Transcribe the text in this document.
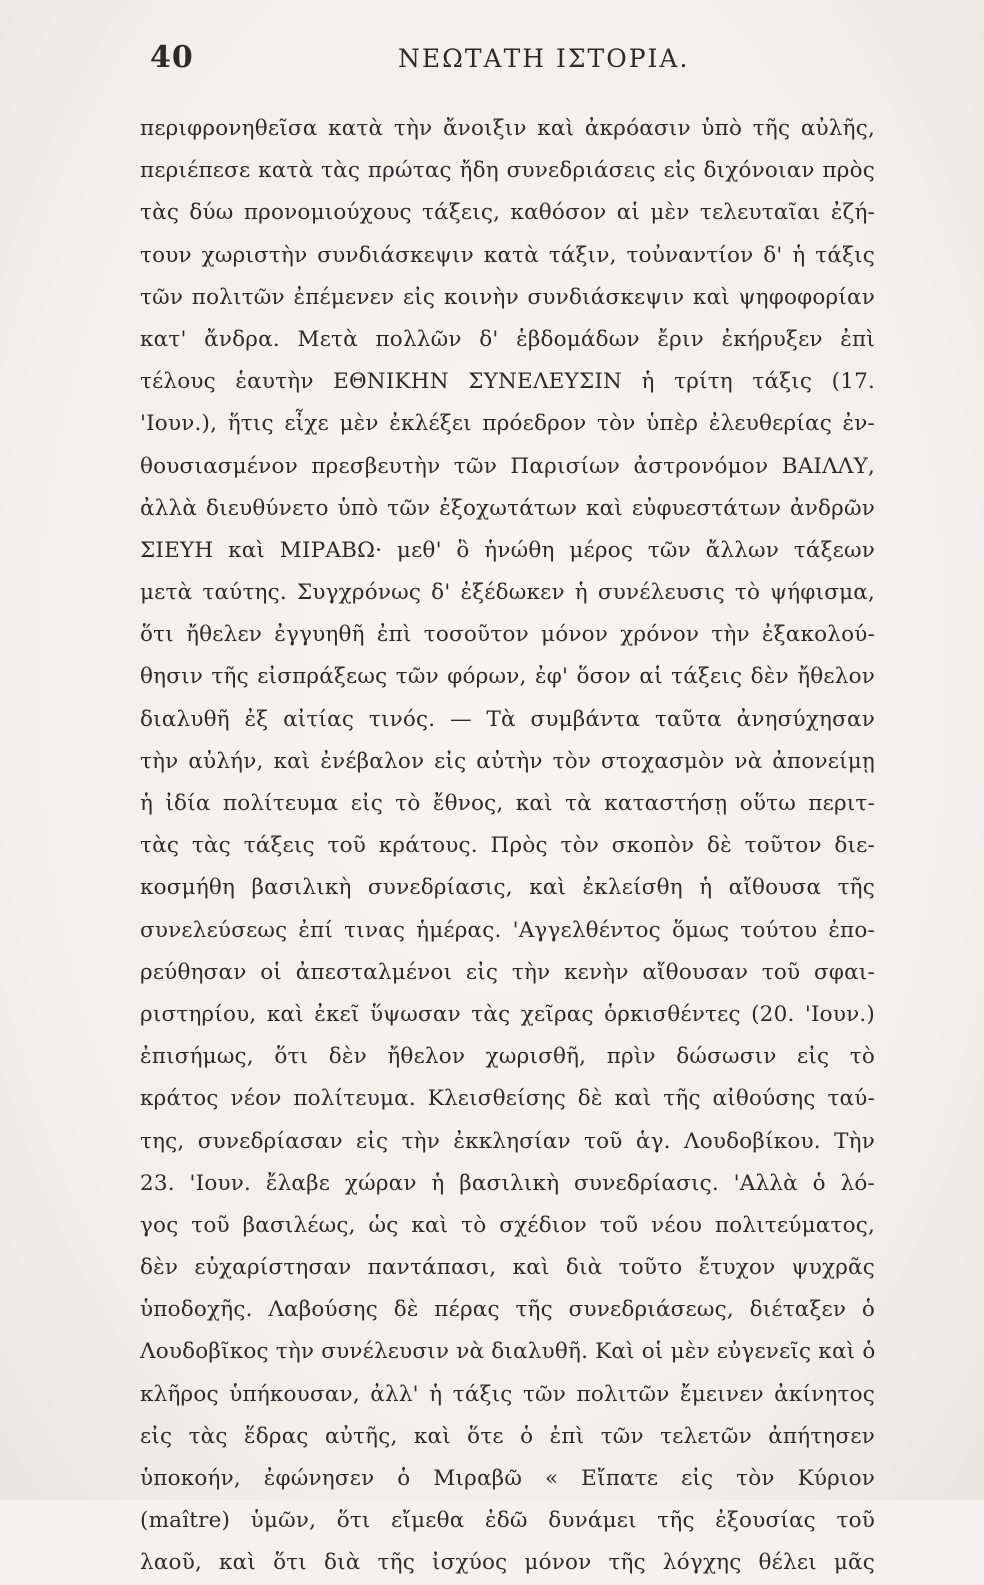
40	ΝΕΩΤΑΤΗ ΙΣΤΟΡΙΑ.
περιφρονηθεῖσα κατὰ τὴν ἄνοιξιν καὶ ἀκρόασιν ὑπὸ τῆς αὐλῆς,
περιέπεσε κατὰ τὰς πρώτας ἤδη συνεδριάσεις εἰς διχόνοιαν πρὸς
τὰς δύω προνομιούχους τάξεις, καθόσον αἱ μὲν τελευταῖαι ἐζή-
τουν χωριστὴν συνδιάσκεψιν κατὰ τάξιν, τοὐναντίον δ' ἡ τάξις
τῶν πολιτῶν ἐπέμενεν εἰς κοινὴν συνδιάσκεψιν καὶ ψηφοφορίαν
κατ' ἄνδρα. Μετὰ πολλῶν δ' ἑβδομάδων ἔριν ἐκήρυξεν ἐπὶ
τέλους ἑαυτὴν ΕΘΝΙΚΗΝ ΣΥΝΕΛΕΥΣΙΝ ἡ τρίτη τάξις (17.
'Ιουν.), ἥτις εἶχε μὲν ἐκλέξει πρόεδρον τὸν ὑπὲρ ἐλευθερίας ἐν-
θουσιασμένον πρεσβευτὴν τῶν Παρισίων ἀστρονόμον ΒΑΙΛΛΥ,
ἀλλὰ διευθύνετο ὑπὸ τῶν ἐξοχωτάτων καὶ εὐφυεστάτων ἀνδρῶν
ΣΙΕΥΗ καὶ ΜΙΡΑΒΩ· μεθ' ὃ ἡνώθη μέρος τῶν ἄλλων τάξεων
μετὰ ταύτης. Συγχρόνως δ' ἐξέδωκεν ἡ συνέλευσις τὸ ψήφισμα,
ὅτι ἤθελεν ἐγγυηθῆ ἐπὶ τοσοῦτον μόνον χρόνον τὴν ἐξακολού-
θησιν τῆς εἰσπράξεως τῶν φόρων, ἐφ' ὅσον αἱ τάξεις δὲν ἤθελον
διαλυθῆ ἐξ αἰτίας τινός. — Τὰ συμβάντα ταῦτα ἀνησύχησαν
τὴν αὐλήν, καὶ ἐνέβαλον εἰς αὐτὴν τὸν στοχασμὸν νὰ ἀπονείμῃ
ἡ ἰδία πολίτευμα εἰς τὸ ἔθνος, καὶ τὰ καταστήσῃ οὕτω περιτ-
τὰς τὰς τάξεις τοῦ κράτους. Πρὸς τὸν σκοπὸν δὲ τοῦτον διε-
κοσμήθη βασιλικὴ συνεδρίασις, καὶ ἐκλείσθη ἡ αἴθουσα τῆς
συνελεύσεως ἐπί τινας ἡμέρας. 'Αγγελθέντος ὅμως τούτου ἐπο-
ρεύθησαν οἱ ἀπεσταλμένοι εἰς τὴν κενὴν αἴθουσαν τοῦ σφαι-
ριστηρίου, καὶ ἐκεῖ ὕψωσαν τὰς χεῖρας ὁρκισθέντες (20. 'Ιουν.)
ἐπισήμως, ὅτι δὲν ἤθελον χωρισθῆ, πρὶν δώσωσιν εἰς τὸ
κράτος νέον πολίτευμα. Κλεισθείσης δὲ καὶ τῆς αἰθούσης ταύ-
της, συνεδρίασαν εἰς τὴν ἐκκλησίαν τοῦ ἁγ. Λουδοβίκου. Τὴν
23. 'Ιουν. ἔλαβε χώραν ἡ βασιλικὴ συνεδρίασις. 'Αλλὰ ὁ λό-
γος τοῦ βασιλέως, ὡς καὶ τὸ σχέδιον τοῦ νέου πολιτεύματος,
δὲν εὐχαρίστησαν παντάπασι, καὶ διὰ τοῦτο ἔτυχον ψυχρᾶς
ὑποδοχῆς. Λαβούσης δὲ πέρας τῆς συνεδριάσεως, διέταξεν ὁ
Λουδοβῖκος τὴν συνέλευσιν νὰ διαλυθῆ. Καὶ οἱ μὲν εὐγενεῖς καὶ ὁ
κλῆρος ὑπήκουσαν, ἀλλ' ἡ τάξις τῶν πολιτῶν ἔμεινεν ἀκίνητος
εἰς τὰς ἕδρας αὐτῆς, καὶ ὅτε ὁ ἐπὶ τῶν τελετῶν ἀπήτησεν
ὑποκοήν, ἐφώνησεν ὁ Μιραβῶ « Εἴπατε εἰς τὸν Κύριον
(maître) ὑμῶν, ὅτι εἴμεθα ἐδῶ δυνάμει τῆς ἐξουσίας τοῦ
λαοῦ, καὶ ὅτι διὰ τῆς ἰσχύος μόνον τῆς λόγχης θέλει μᾶς
